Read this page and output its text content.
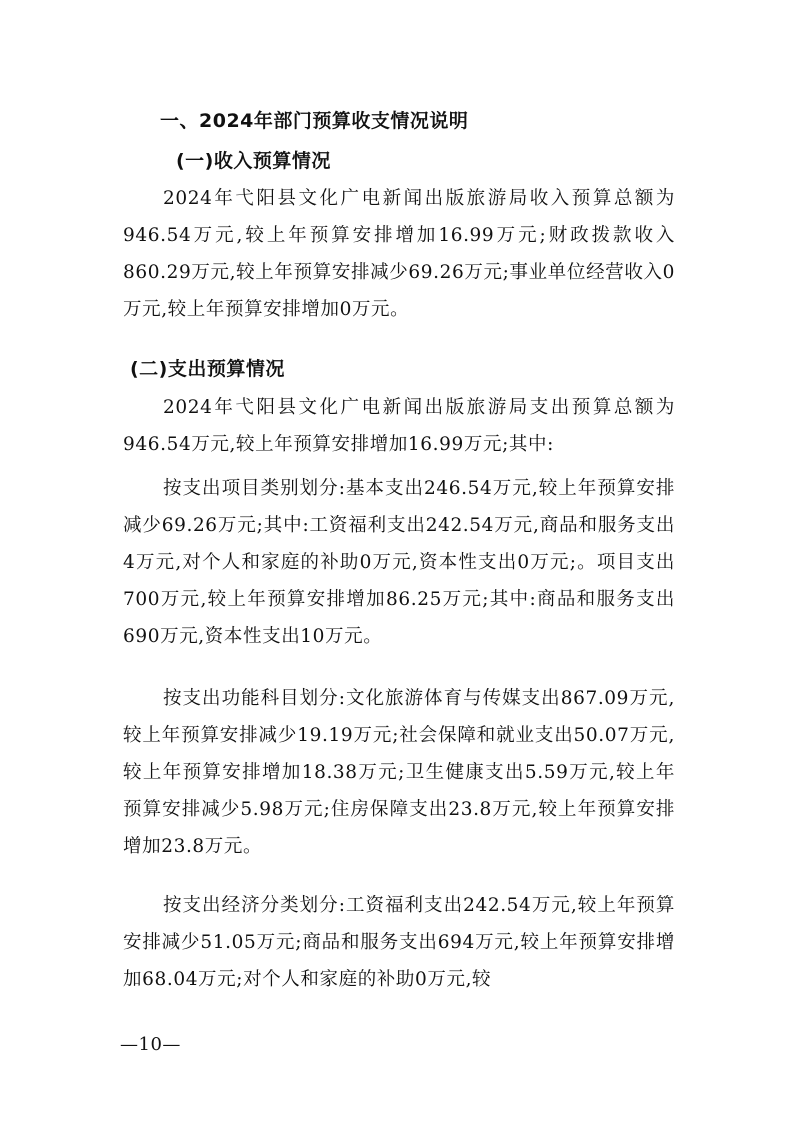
一、2024年部门预算收支情况说明
(一)收入预算情况

2024年弋阳县文化广电新闻出版旅游局收入预算总额为946.54万元,较上年预算安排增加16.99万元;财政拨款收入860.29万元,较上年预算安排减少69.26万元;事业单位经营收入0万元,较上年预算安排增加0万元。

(二)支出预算情况

2024年弋阳县文化广电新闻出版旅游局支出预算总额为946.54万元,较上年预算安排增加16.99万元;其中:

按支出项目类别划分:基本支出246.54万元,较上年预算安排减少69.26万元;其中:工资福利支出242.54万元,商品和服务支出4万元,对个人和家庭的补助0万元,资本性支出0万元;。项目支出700万元,较上年预算安排增加86.25万元;其中:商品和服务支出690万元,资本性支出10万元。

按支出功能科目划分:文化旅游体育与传媒支出867.09万元,较上年预算安排减少19.19万元;社会保障和就业支出50.07万元,较上年预算安排增加18.38万元;卫生健康支出5.59万元,较上年预算安排减少5.98万元;住房保障支出23.8万元,较上年预算安排增加23.8万元。

按支出经济分类划分:工资福利支出242.54万元,较上年预算安排减少51.05万元;商品和服务支出694万元,较上年预算安排增加68.04万元;对个人和家庭的补助0万元,较

—10—
